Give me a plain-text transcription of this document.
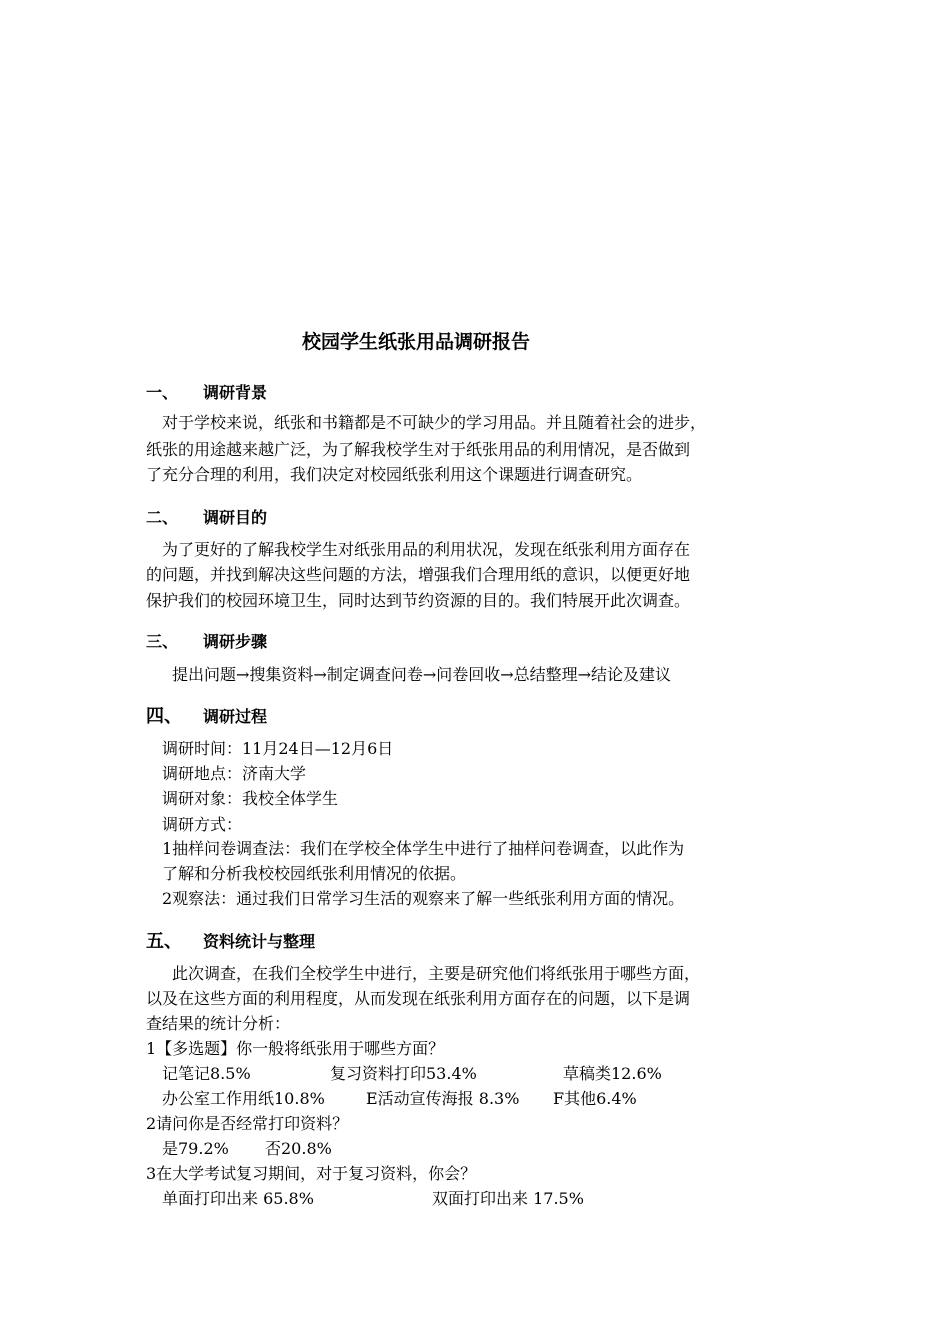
校园学生纸张用品调研报告
一、 调研背景
对于学校来说，纸张和书籍都是不可缺少的学习用品。并且随着社会的进步，
纸张的用途越来越广泛，为了解我校学生对于纸张用品的利用情况，是否做到
了充分合理的利用，我们决定对校园纸张利用这个课题进行调查研究。
二、 调研目的
为了更好的了解我校学生对纸张用品的利用状况，发现在纸张利用方面存在
的问题，并找到解决这些问题的方法，增强我们合理用纸的意识，以便更好地
保护我们的校园环境卫生，同时达到节约资源的目的。我们特展开此次调查。
三、 调研步骤
提出问题→搜集资料→制定调查问卷→问卷回收→总结整理→结论及建议
四、 调研过程
调研时间：11月24日—12月6日
调研地点：济南大学
调研对象：我校全体学生
调研方式：
1抽样问卷调查法：我们在学校全体学生中进行了抽样问卷调查，以此作为
了解和分析我校校园纸张利用情况的依据。
2观察法：通过我们日常学习生活的观察来了解一些纸张利用方面的情况。
五、 资料统计与整理
此次调查，在我们全校学生中进行，主要是研究他们将纸张用于哪些方面，
以及在这些方面的利用程度，从而发现在纸张利用方面存在的问题，以下是调
查结果的统计分析：
1【多选题】你一般将纸张用于哪些方面？
记笔记8.5%	复习资料打印53.4%	草稿类12.6%
办公室工作用纸10.8%	E活动宣传海报 8.3% F其他6.4%
2请问你是否经常打印资料？
是79.2% 否20.8%
3在大学考试复习期间，对于复习资料，你会？
单面打印出来 65.8%	双面打印出来 17.5%
